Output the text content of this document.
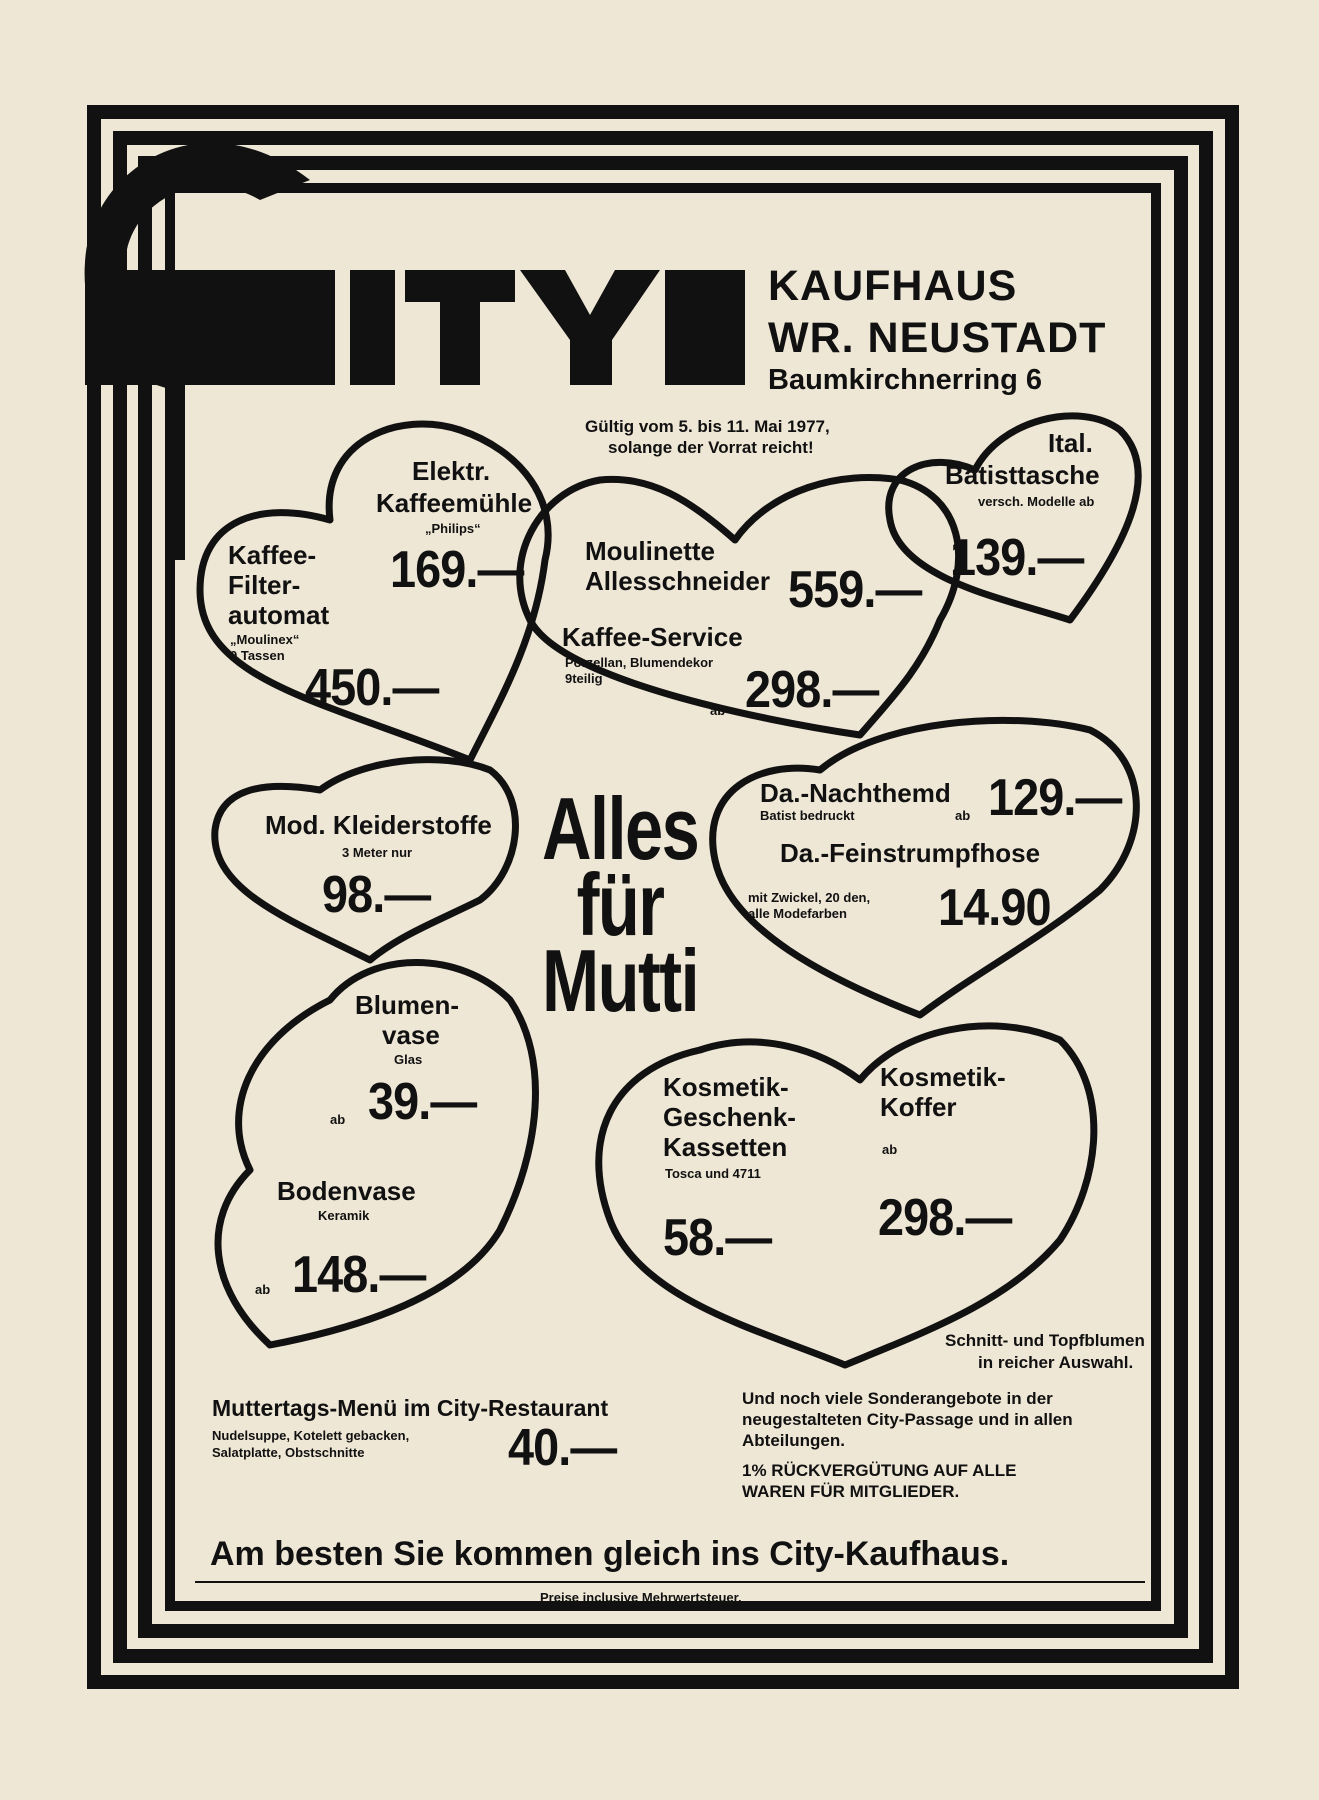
KAUFHAUS
WR. NEUSTADT
Baumkirchnerring 6
Gültig vom 5. bis 11. Mai 1977,
solange der Vorrat reicht!
Elektr.
Kaffeemühle
„Philips“
169.—
Kaffee-
Filter-
automat
„Moulinex“
9 Tassen
450.—
Moulinette
Allesschneider 559.—
Kaffee-Service
Porzellan, Blumendekor
9teilig
ab 298.—
Ital.
Batisttasche
versch. Modelle ab
139.—
Mod. Kleiderstoffe
3 Meter nur
98.—
Alles
für
Mutti
Da.-Nachthemd
Batist bedruckt	ab 129.—
Da.-Feinstrumpfhose
mit Zwickel, 20 den,
alle Modefarben 14.90
Blumen-
vase
Glas
ab 39.—
Bodenvase
Keramik
ab 148.—
Kosmetik-
Geschenk-
Kassetten
Tosca und 4711
58.—
Kosmetik-
Koffer
ab
298.—
Schnitt- und Topfblumen
in reicher Auswahl.
Muttertags-Menü im City-Restaurant
Nudelsuppe, Kotelett gebacken,
Salatplatte, Obstschnitte	40.—
Und noch viele Sonderangebote in der
neugestalteten City-Passage und in allen
Abteilungen.
1% RÜCKVERGÜTUNG AUF ALLE
WAREN FÜR MITGLIEDER.
Am besten Sie kommen gleich ins City-Kaufhaus.
Preise inclusive Mehrwertsteuer.
